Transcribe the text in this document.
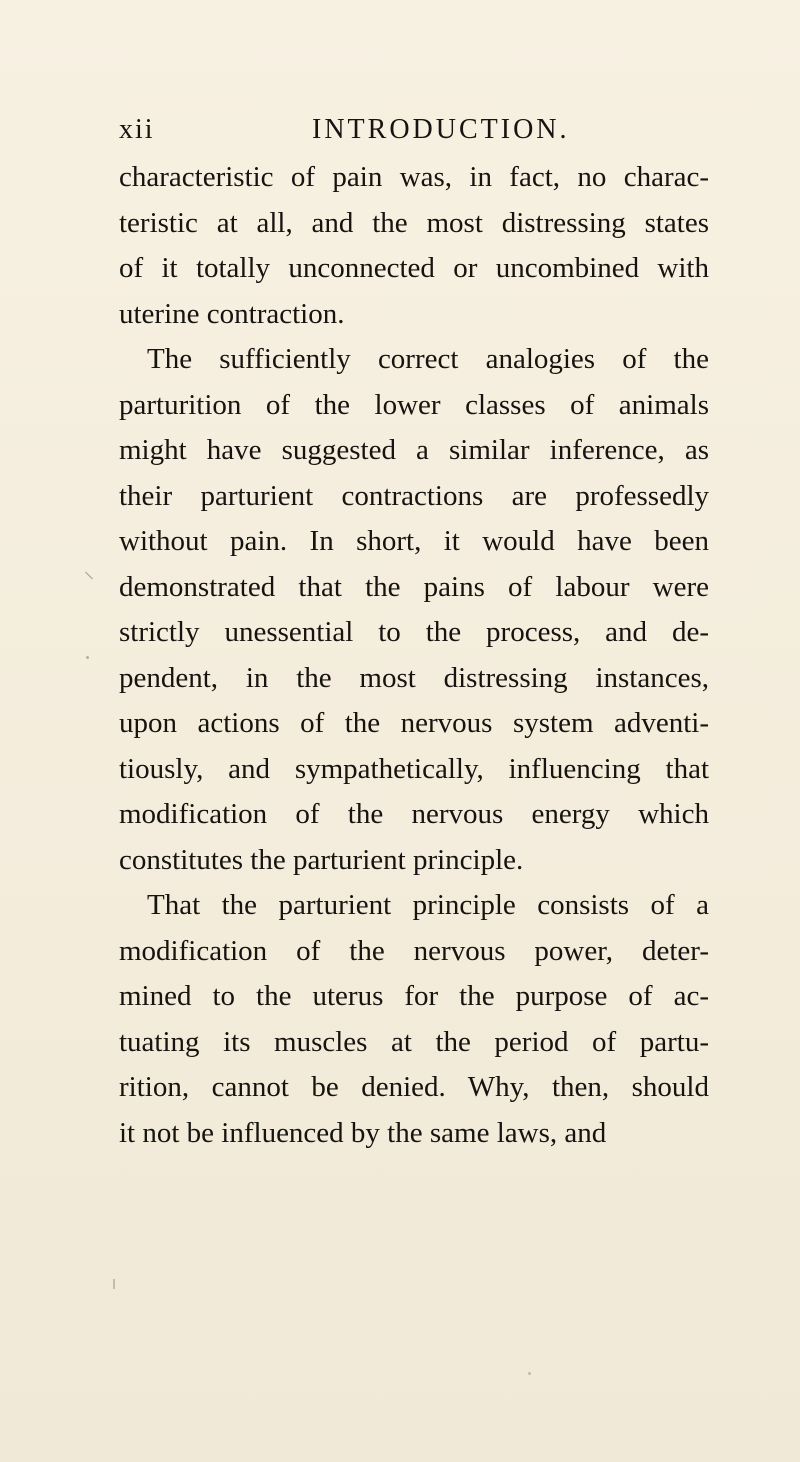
xii	INTRODUCTION.
characteristic of pain was, in fact, no charac-
teristic at all, and the most distressing states
of it totally unconnected or uncombined with
uterine contraction.
The sufficiently correct analogies of the
parturition of the lower classes of animals
might have suggested a similar inference, as
their parturient contractions are professedly
without pain. In short, it would have been
demonstrated that the pains of labour were
strictly unessential to the process, and de-
pendent, in the most distressing instances,
upon actions of the nervous system adventi-
tiously, and sympathetically, influencing that
modification of the nervous energy which
constitutes the parturient principle.
That the parturient principle consists of a
modification of the nervous power, deter-
mined to the uterus for the purpose of ac-
tuating its muscles at the period of partu-
rition, cannot be denied. Why, then, should
it not be influenced by the same laws, and
